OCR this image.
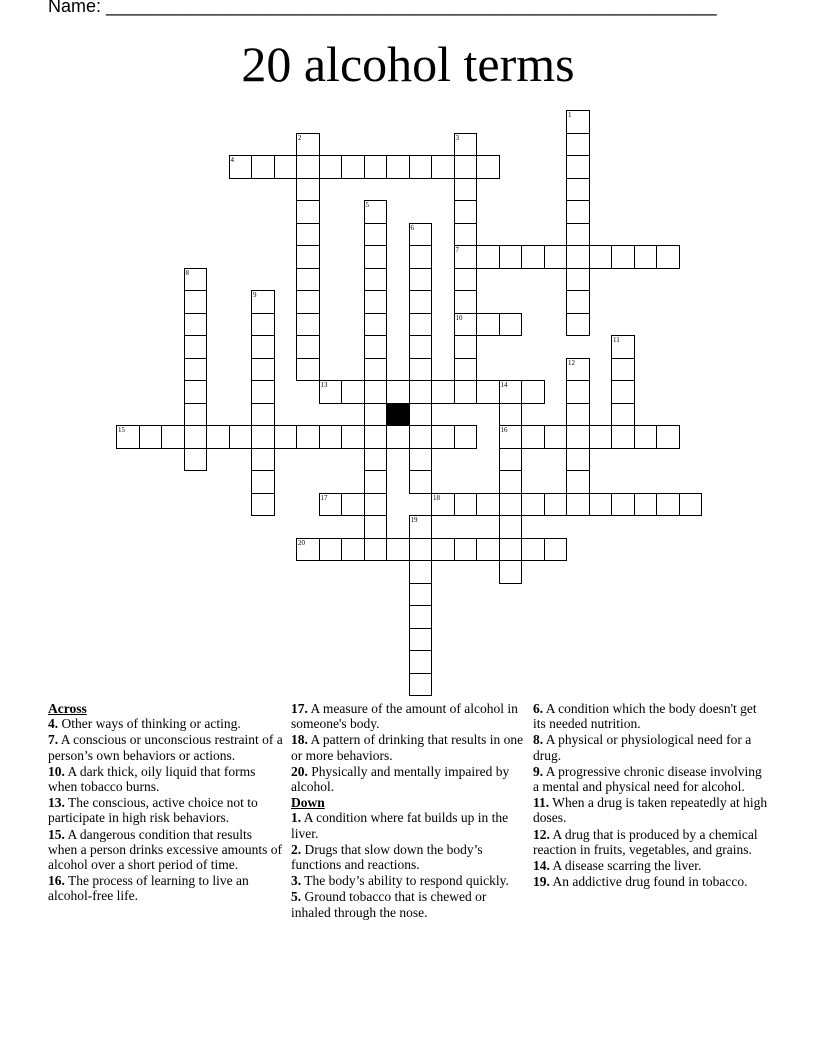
Name: _____________________________________________________________
20 alcohol terms
1
2	3
7
10
4
5
6
8
9
11
12
13	14
16
15
17	18
19
20
Across
4. Other ways of thinking or acting.
7. A conscious or unconscious restraint of a person’s own behaviors or actions.
10. A dark thick, oily liquid that forms when tobacco burns.
13. The conscious, active choice not to participate in high risk behaviors.
15. A dangerous condition that results when a person drinks excessive amounts of alcohol over a short period of time.
16. The process of learning to live an alcohol-free life.
17. A measure of the amount of alcohol in someone's body.
18. A pattern of drinking that results in one or more behaviors.
20. Physically and mentally impaired by alcohol.
Down
1. A condition where fat builds up in the liver.
2. Drugs that slow down the body’s functions and reactions.
3. The body’s ability to respond quickly.
5. Ground tobacco that is chewed or inhaled through the nose.
6. A condition which the body doesn't get its needed nutrition.
8. A physical or physiological need for a drug.
9. A progressive chronic disease involving a mental and physical need for alcohol.
11. When a drug is taken repeatedly at high doses.
12. A drug that is produced by a chemical reaction in fruits, vegetables, and grains.
14. A disease scarring the liver.
19. An addictive drug found in tobacco.
